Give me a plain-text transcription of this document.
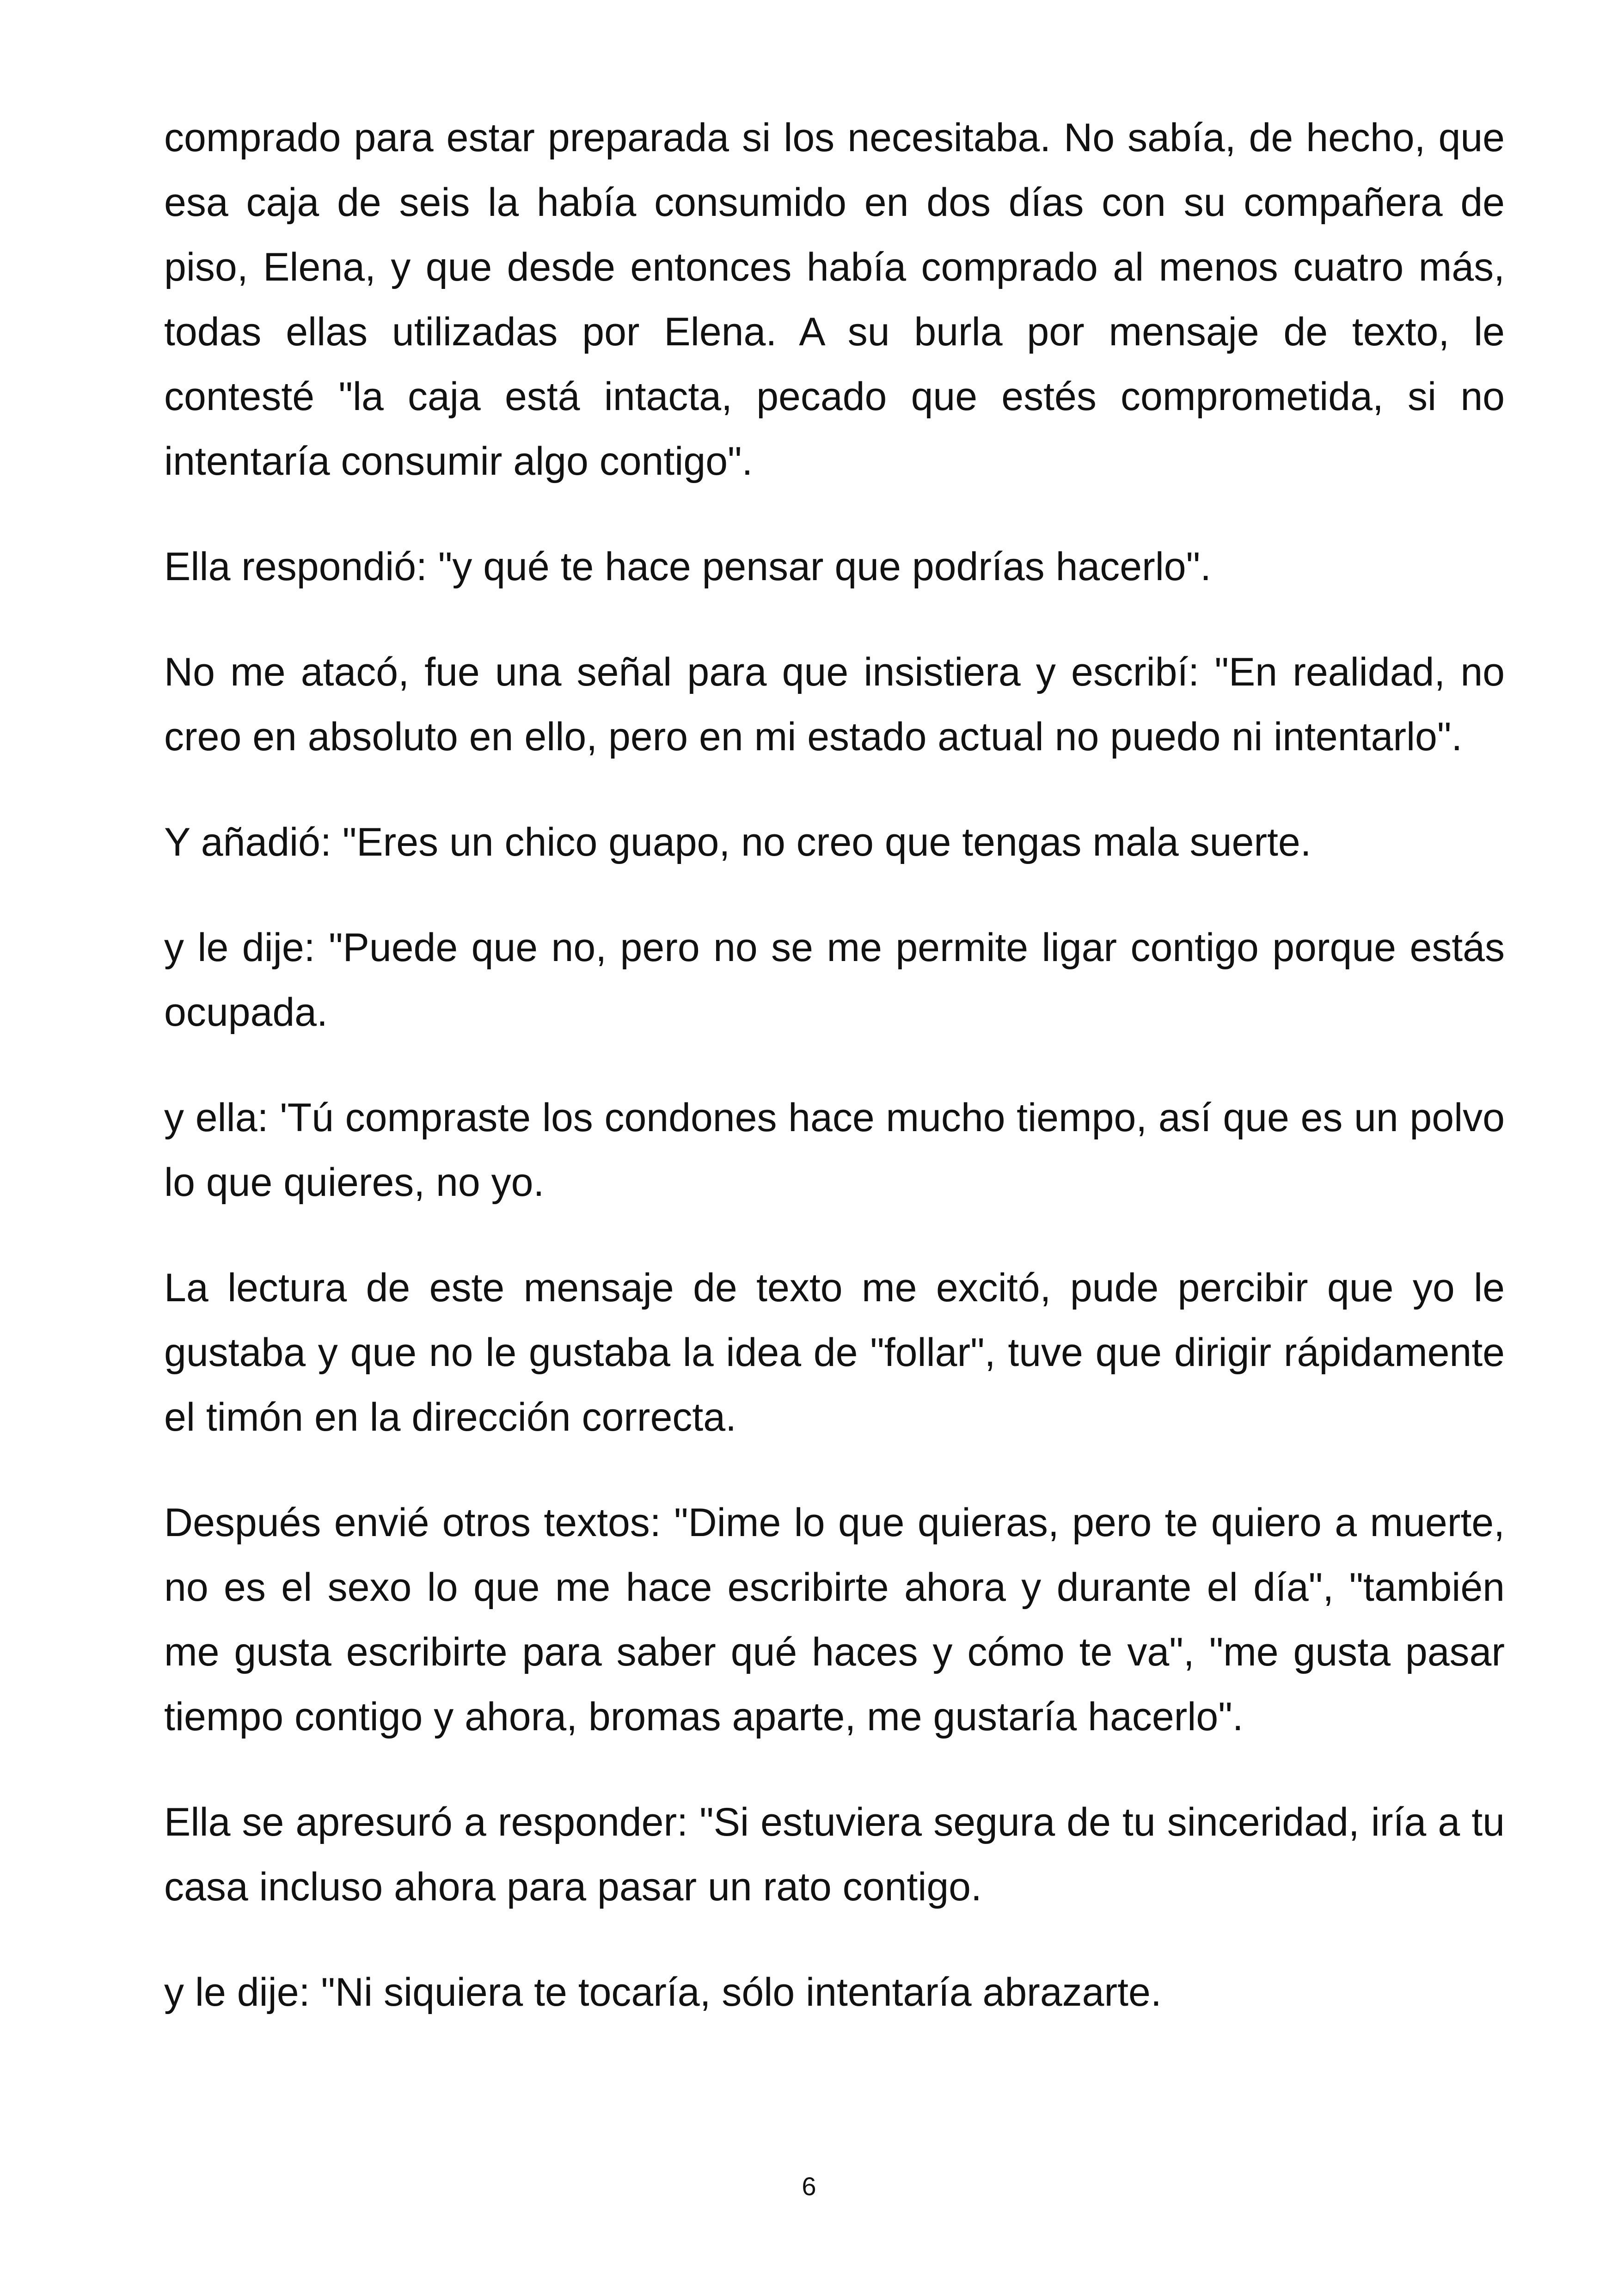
comprado para estar preparada si los necesitaba. No sabía, de hecho, que esa caja de seis la había consumido en dos días con su compañera de piso, Elena, y que desde entonces había comprado al menos cuatro más, todas ellas utilizadas por Elena. A su burla por mensaje de texto, le contesté "la caja está intacta, pecado que estés comprometida, si no intentaría consumir algo contigo".

Ella respondió: "y qué te hace pensar que podrías hacerlo".

No me atacó, fue una señal para que insistiera y escribí: "En realidad, no creo en absoluto en ello, pero en mi estado actual no puedo ni intentarlo".

Y añadió: "Eres un chico guapo, no creo que tengas mala suerte.

y le dije: "Puede que no, pero no se me permite ligar contigo porque estás ocupada.

y ella: 'Tú compraste los condones hace mucho tiempo, así que es un polvo lo que quieres, no yo.

La lectura de este mensaje de texto me excitó, pude percibir que yo le gustaba y que no le gustaba la idea de "follar", tuve que dirigir rápidamente el timón en la dirección correcta.

Después envié otros textos: "Dime lo que quieras, pero te quiero a muerte, no es el sexo lo que me hace escribirte ahora y durante el día", "también me gusta escribirte para saber qué haces y cómo te va", "me gusta pasar tiempo contigo y ahora, bromas aparte, me gustaría hacerlo".

Ella se apresuró a responder: "Si estuviera segura de tu sinceridad, iría a tu casa incluso ahora para pasar un rato contigo.

y le dije: "Ni siquiera te tocaría, sólo intentaría abrazarte.

6
